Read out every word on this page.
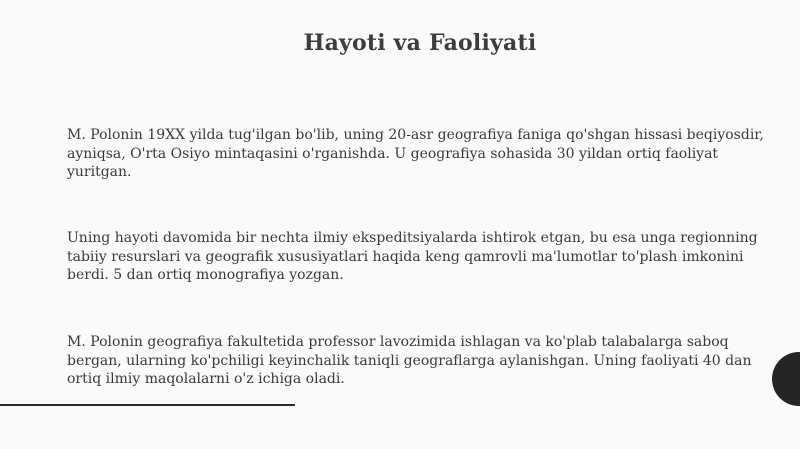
Hayoti va Faoliyati

M. Polonin 19XX yilda tug'ilgan bo'lib, uning 20-asr geografiya faniga qo'shgan hissasi beqiyosdir, ayniqsa, O'rta Osiyo mintaqasini o'rganishda. U geografiya sohasida 30 yildan ortiq faoliyat yuritgan.

Uning hayoti davomida bir nechta ilmiy ekspeditsiyalarda ishtirok etgan, bu esa unga regionning tabiiy resurslari va geografik xususiyatlari haqida keng qamrovli ma'lumotlar to'plash imkonini berdi. 5 dan ortiq monografiya yozgan.

M. Polonin geografiya fakultetida professor lavozimida ishlagan va ko'plab talabalarga saboq bergan, ularning ko'pchiligi keyinchalik taniqli geograflarga aylanishgan. Uning faoliyati 40 dan ortiq ilmiy maqolalarni o'z ichiga oladi.
